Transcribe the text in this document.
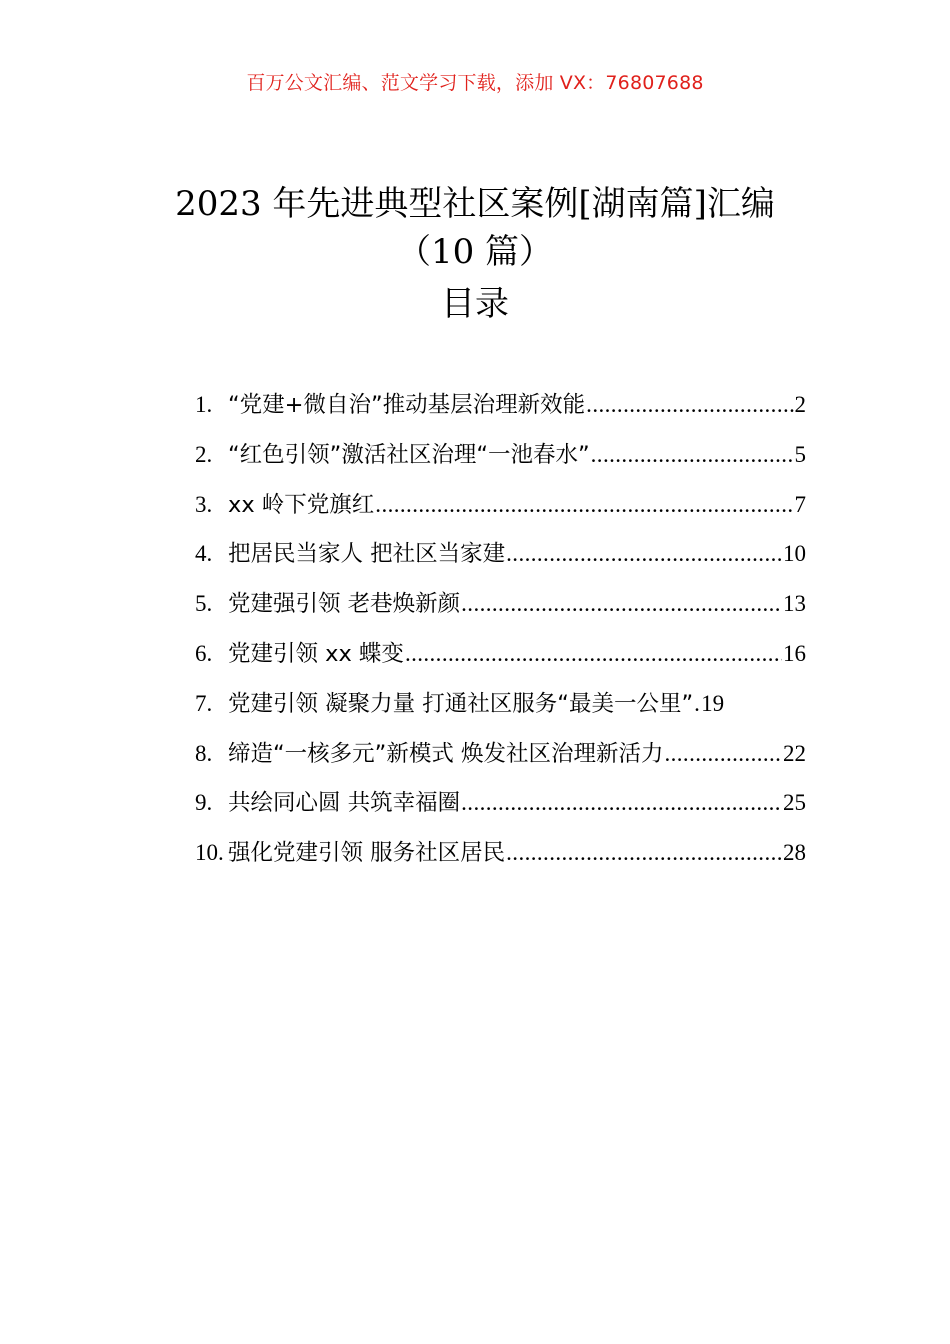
百万公文汇编、范文学习下载，添加 VX：76807688
2023 年先进典型社区案例[湖南篇]汇编
（10 篇）
目录
1. “党建+微自治”推动基层治理新效能 .....	2
2. “红色引领”激活社区治理“一池春水” .....	5
3. xx 岭下党旗红 .....	7
4. 把居民当家人 把社区当家建 .....	10
5. 党建强引领 老巷焕新颜 .....	13
6. 党建引领 xx 蝶变 .....	16
7. 党建引领 凝聚力量 打通社区服务“最美一公里” ..... 19
8. 缔造“一核多元”新模式 焕发社区治理新活力 .....	22
9. 共绘同心圆 共筑幸福圈 .....	25
10. 强化党建引领 服务社区居民 .....	28
